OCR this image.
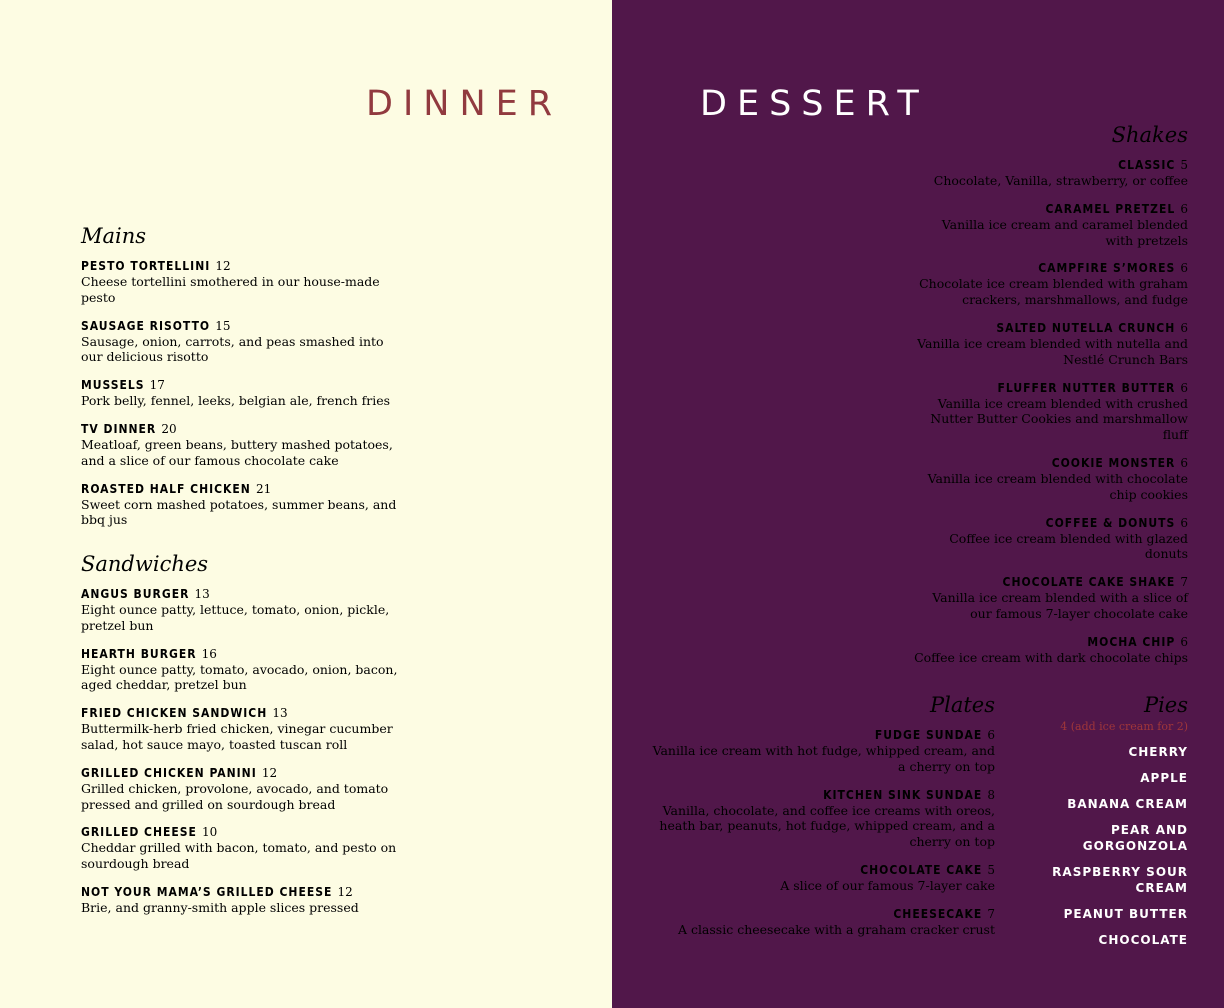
DINNER	DESSERT
Mains
PESTO TORTELLINI 12
Cheese tortellini smothered in our house-made pesto
SAUSAGE RISOTTO 15
Sausage, onion, carrots, and peas smashed into our delicious risotto
MUSSELS 17
Pork belly, fennel, leeks, belgian ale, french fries
TV DINNER 20
Meatloaf, green beans, buttery mashed potatoes, and a slice of our famous chocolate cake
ROASTED HALF CHICKEN 21
Sweet corn mashed potatoes, summer beans, and bbq jus
Sandwiches
ANGUS BURGER 13
Eight ounce patty, lettuce, tomato, onion, pickle, pretzel bun
HEARTH BURGER 16
Eight ounce patty, tomato, avocado, onion, bacon, aged cheddar, pretzel bun
FRIED CHICKEN SANDWICH 13
Buttermilk-herb fried chicken, vinegar cucumber salad, hot sauce mayo, toasted tuscan roll
GRILLED CHICKEN PANINI 12
Grilled chicken, provolone, avocado, and tomato pressed and grilled on sourdough bread
GRILLED CHEESE 10
Cheddar grilled with bacon, tomato, and pesto on sourdough bread
NOT YOUR MAMA’S GRILLED CHEESE 12
Brie, and granny-smith apple slices pressed
Shakes
CLASSIC 5
Chocolate, Vanilla, strawberry, or coffee
CARAMEL PRETZEL 6
Vanilla ice cream and caramel blended with pretzels
CAMPFIRE S’MORES 6
Chocolate ice cream blended with graham crackers, marshmallows, and fudge
SALTED NUTELLA CRUNCH 6
Vanilla ice cream blended with nutella and Nestlé Crunch Bars
FLUFFER NUTTER BUTTER 6
Vanilla ice cream blended with crushed Nutter Butter Cookies and marshmallow fluff
COOKIE MONSTER 6
Vanilla ice cream blended with chocolate chip cookies
COFFEE & DONUTS 6
Coffee ice cream blended with glazed donuts
CHOCOLATE CAKE SHAKE 7
Vanilla ice cream blended with a slice of our famous 7-layer chocolate cake
MOCHA CHIP 6
Coffee ice cream with dark chocolate chips
Plates
FUDGE SUNDAE 6
Vanilla ice cream with hot fudge, whipped cream, and a cherry on top
KITCHEN SINK SUNDAE 8
Vanilla, chocolate, and coffee ice creams with oreos, heath bar, peanuts, hot fudge, whipped cream, and a cherry on top
CHOCOLATE CAKE 5
A slice of our famous 7-layer cake
CHEESECAKE 7
A classic cheesecake with a graham cracker crust
Pies
4 (add ice cream for 2)
CHERRY
APPLE
BANANA CREAM
PEAR AND GORGONZOLA
RASPBERRY SOUR CREAM
PEANUT BUTTER
CHOCOLATE
